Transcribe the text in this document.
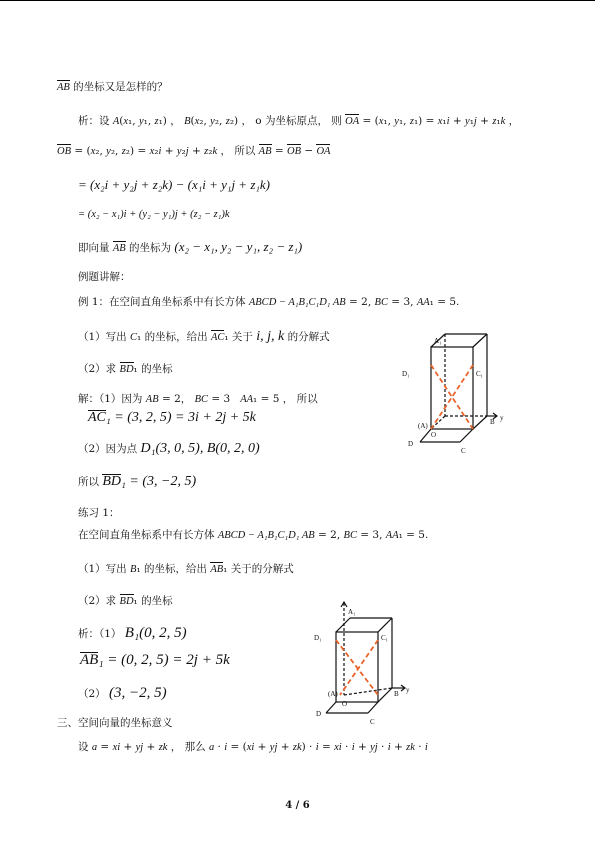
AB 的坐标又是怎样的？
析：设 A(x₁, y₁, z₁) ， B(x₂, y₂, z₂) ， o 为坐标原点， 则 OA = (x₁, y₁, z₁) = x₁i + y₁j + z₁k ，
OB = (x₂, y₂, z₂) = x₂i + y₂j + z₂k ， 所以 AB = OB − OA
= (x₂i + y₂j + z₂k) − (x₁i + y₁j + z₁k)
= (x₂ − x₁)i + (y₂ − y₁)j + (z₂ − z₁)k
即向量 AB 的坐标为 (x₂ − x₁, y₂ − y₁, z₂ − z₁)
例题讲解：
例 1：在空间直角坐标系中有长方体 ABCD − A₁B₁C₁D₁ AB = 2, BC = 3, AA₁ = 5.
（1）写出 C₁ 的坐标，给出 AC₁ 关于 i, j, k 的分解式
（2）求 BD₁ 的坐标
解：（1）因为 AB = 2， BC = 3   AA₁ = 5 ， 所以
AC₁ = (3, 2, 5) = 3i + 2j + 5k
（2）因为点 D₁(3, 0, 5), B(0, 2, 0)
所以 BD₁ = (3, −2, 5)
A₁
D₁	C₁
(A)
O
D
B y
C
练习 1：
在空间直角坐标系中有长方体 ABCD − A₁B₁C₁D₁ AB = 2, BC = 3, AA₁ = 5.
（1）写出 B₁ 的坐标，给出 AB₁ 关于的分解式
（2）求 BD₁ 的坐标
析：（1） B₁(0, 2, 5)
AB₁ = (0, 2, 5) = 2j + 5k
（2） (3, −2, 5)
A₁
D₁	C₁
(A)
O
D
B y
C
三、空间向量的坐标意义
设 a = xi + yj + zk ， 那么 a · i = (xi + yj + zk) · i = xi · i + yj · i + zk · i
4 / 6
